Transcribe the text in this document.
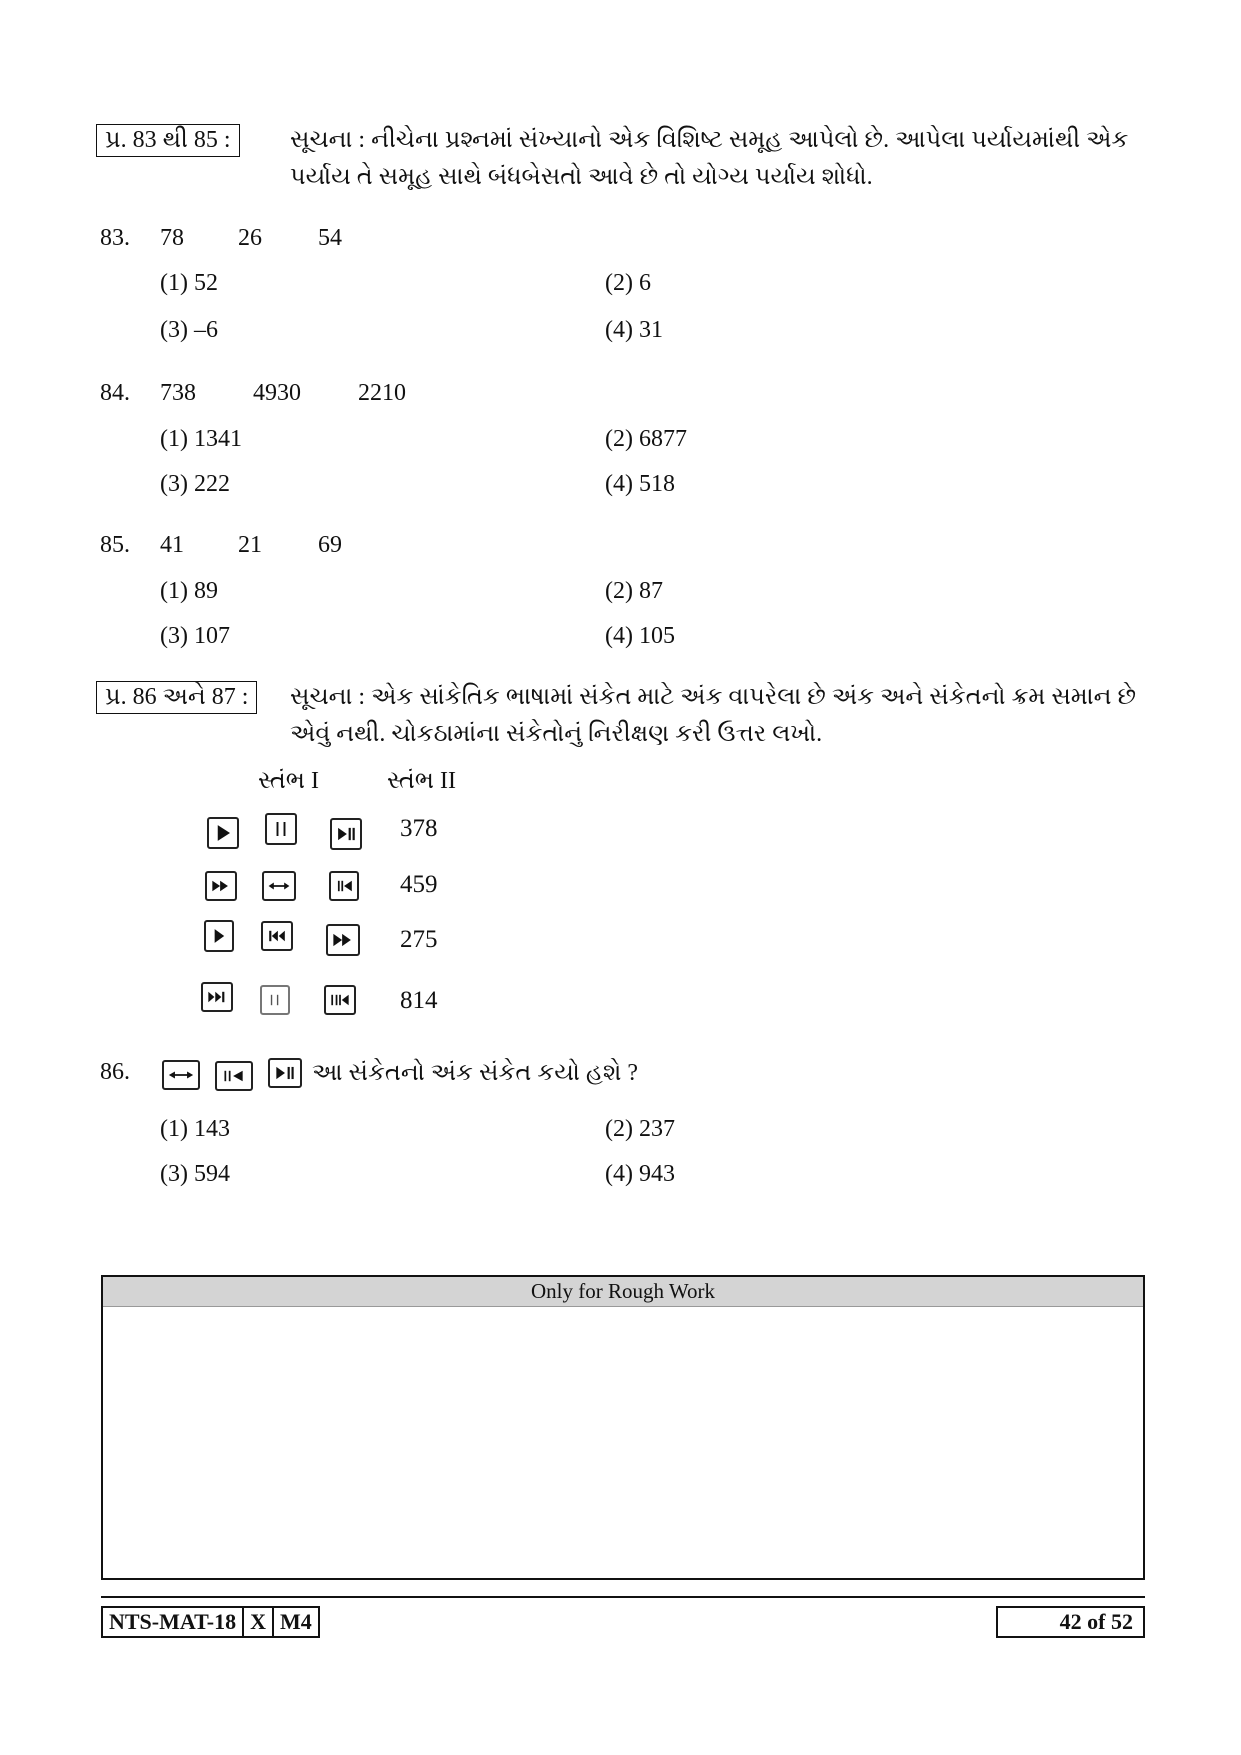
પ્ર. 83 થી 85 :	સૂચના : નીચેના પ્રશ્નમાં સંખ્યાનો એક વિશિષ્ટ સમૂહ આપેલો છે. આપેલા પર્યાયમાંથી એક
પર્યાય તે સમૂહ સાથે બંધબેસતો આવે છે તો યોગ્ય પર્યાય શોધો.
83. 78 26 54
(1) 52	(2) 6
(3) –6	(4) 31
84. 738 4930 2210
(1) 1341	(2) 6877
(3) 222	(4) 518
85. 41 21 69
(1) 89	(2) 87
(3) 107	(4) 105
પ્ર. 86 અને 87 :	સૂચના : એક સાંકેતિક ભાષામાં સંકેત માટે અંક વાપરેલા છે અંક અને સંકેતનો ક્રમ સમાન છે
એવું નથી. ચોકઠામાંના સંકેતોનું નિરીક્ષણ કરી ઉત્તર લખો.
સ્તંભ I	સ્તંભ II
378
459
275
814
86.	આ સંકેતનો અંક સંકેત કયો હશે ?
(1) 143	(2) 237
(3) 594	(4) 943
Only for Rough Work
NTS-MAT-18 X M4	42 of 52
